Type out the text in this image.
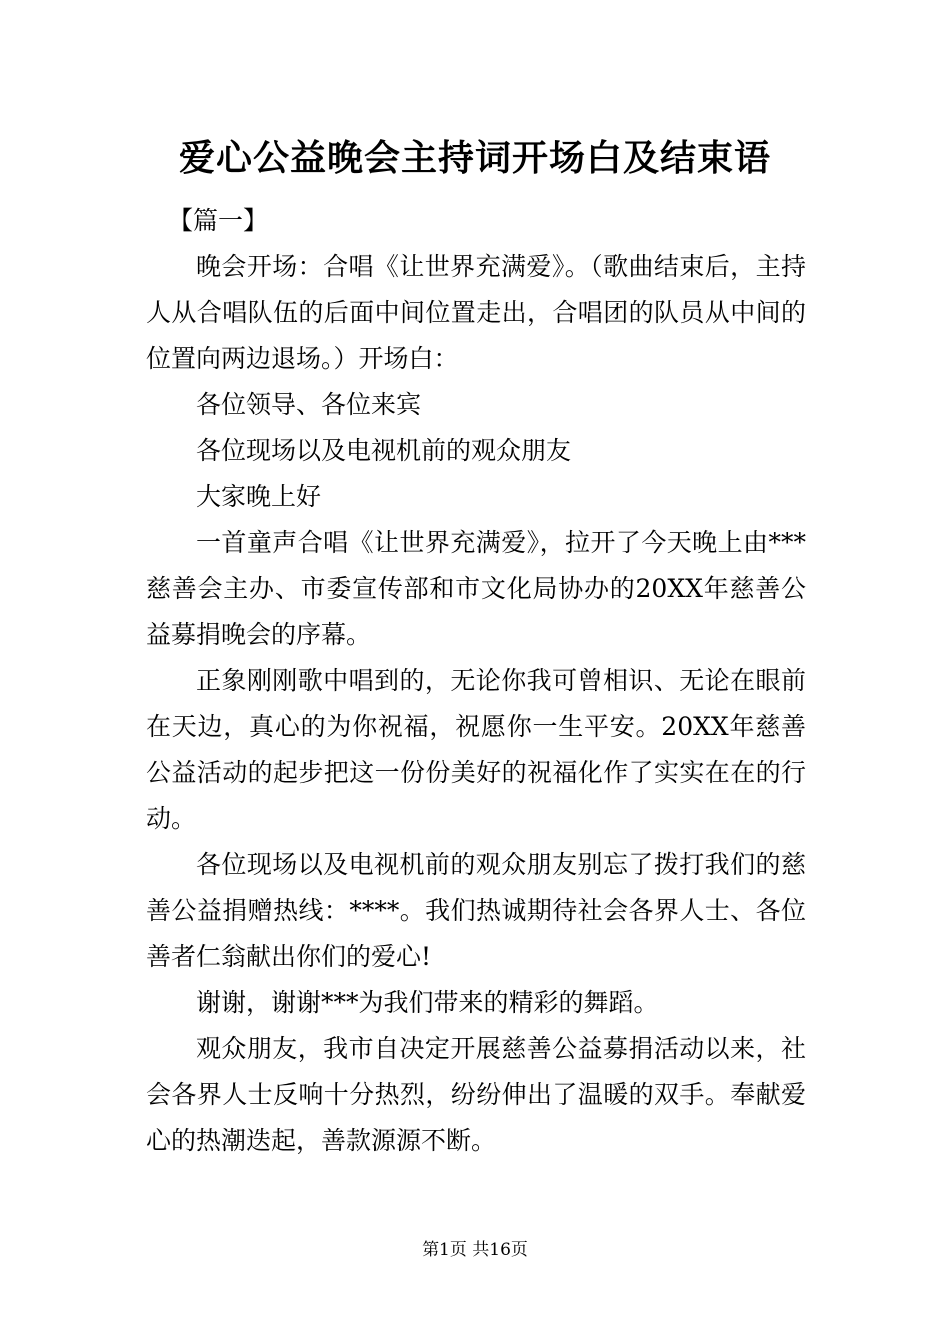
爱心公益晚会主持词开场白及结束语

【篇一】

晚会开场：合唱《让世界充满爱》。（歌曲结束后，主持人从合唱队伍的后面中间位置走出，合唱团的队员从中间的位置向两边退场。）开场白：

各位领导、各位来宾

各位现场以及电视机前的观众朋友

大家晚上好

一首童声合唱《让世界充满爱》，拉开了今天晚上由***慈善会主办、市委宣传部和市文化局协办的20XX年慈善公益募捐晚会的序幕。

正象刚刚歌中唱到的，无论你我可曾相识、无论在眼前在天边，真心的为你祝福，祝愿你一生平安。20XX年慈善公益活动的起步把这一份份美好的祝福化作了实实在在的行动。

各位现场以及电视机前的观众朋友别忘了拨打我们的慈善公益捐赠热线：****。我们热诚期待社会各界人士、各位善者仁翁献出你们的爱心!

谢谢，谢谢***为我们带来的精彩的舞蹈。

观众朋友，我市自决定开展慈善公益募捐活动以来，社会各界人士反响十分热烈，纷纷伸出了温暖的双手。奉献爱心的热潮迭起，善款源源不断。

第1页 共16页
